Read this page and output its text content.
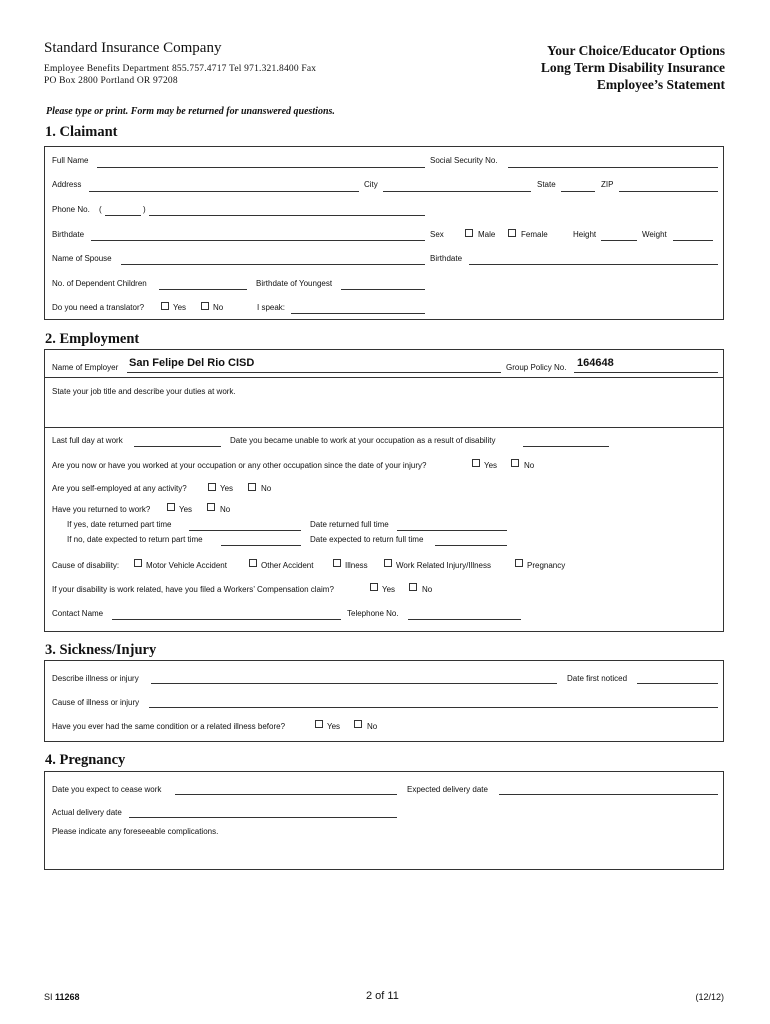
Standard Insurance Company
Employee Benefits Department 855.757.4717 Tel 971.321.8400 Fax
PO Box 2800 Portland OR 97208
Your Choice/Educator Options
Long Term Disability Insurance
Employee’s Statement
Please type or print. Form may be returned for unanswered questions.
1. Claimant
Full Name	Social Security No.
Address	City	State	ZIP
Phone No. (	)
Birthdate	Sex	Male	Female	Height	Weight
Name of Spouse	Birthdate
No. of Dependent Children	Birthdate of Youngest
Do you need a translator?	Yes	No	I speak:
2. Employment
Name of Employer San Felipe Del Rio CISD	Group Policy No. 164648
State your job title and describe your duties at work.
Last full day at work	Date you became unable to work at your occupation as a result of disability
Are you now or have you worked at your occupation or any other occupation since the date of your injury?	Yes	No
Are you self-employed at any activity?	Yes	No
Have you returned to work?	Yes	No
If yes, date returned part time	Date returned full time
If no, date expected to return part time	Date expected to return full time
Cause of disability:	Motor Vehicle Accident	Other Accident	Illness	Work Related Injury/Illness	Pregnancy
If your disability is work related, have you filed a Workers’ Compensation claim?	Yes	No
Contact Name	Telephone No.
3. Sickness/Injury
Describe illness or injury	Date first noticed
Cause of illness or injury
Have you ever had the same condition or a related illness before?	Yes	No
4. Pregnancy
Date you expect to cease work	Expected delivery date
Actual delivery date
Please indicate any foreseeable complications.
SI 11268	2 of 11	(12/12)
